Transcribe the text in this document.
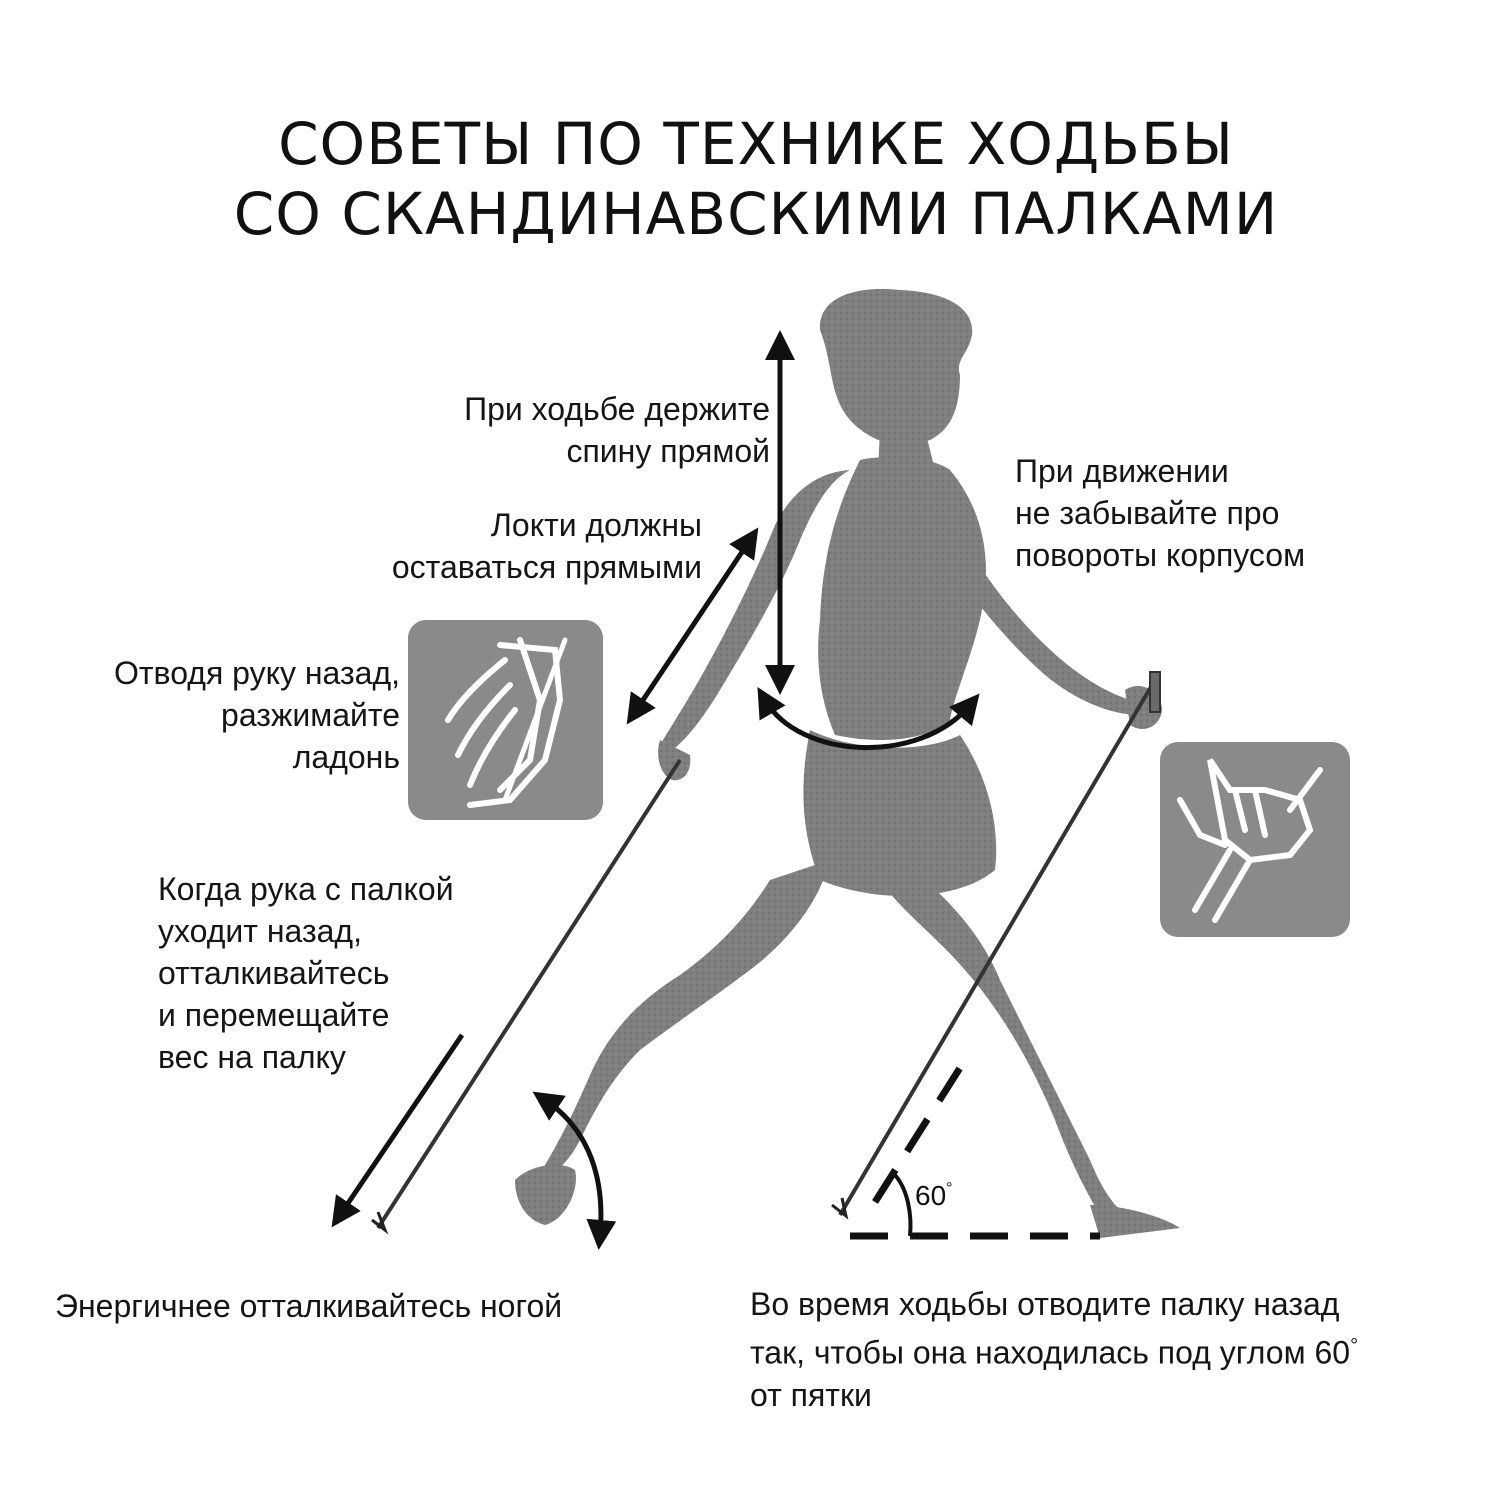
СОВЕТЫ ПО ТЕХНИКЕ ХОДЬБЫ
СО СКАНДИНАВСКИМИ ПАЛКАМИ
60°

При ходьбе держите
спину прямой

Локти должны
оставаться прямыми

Отводя руку назад,
разжимайте
ладонь

Когда рука с палкой
уходит назад,
отталкивайтесь
и перемещайте
вес на палку

При движении
не забывайте про
повороты корпусом

Энергичнее отталкивайтесь ногой	Во время ходьбы отводите палку назад
так, чтобы она находилась под углом 60°
от пятки
